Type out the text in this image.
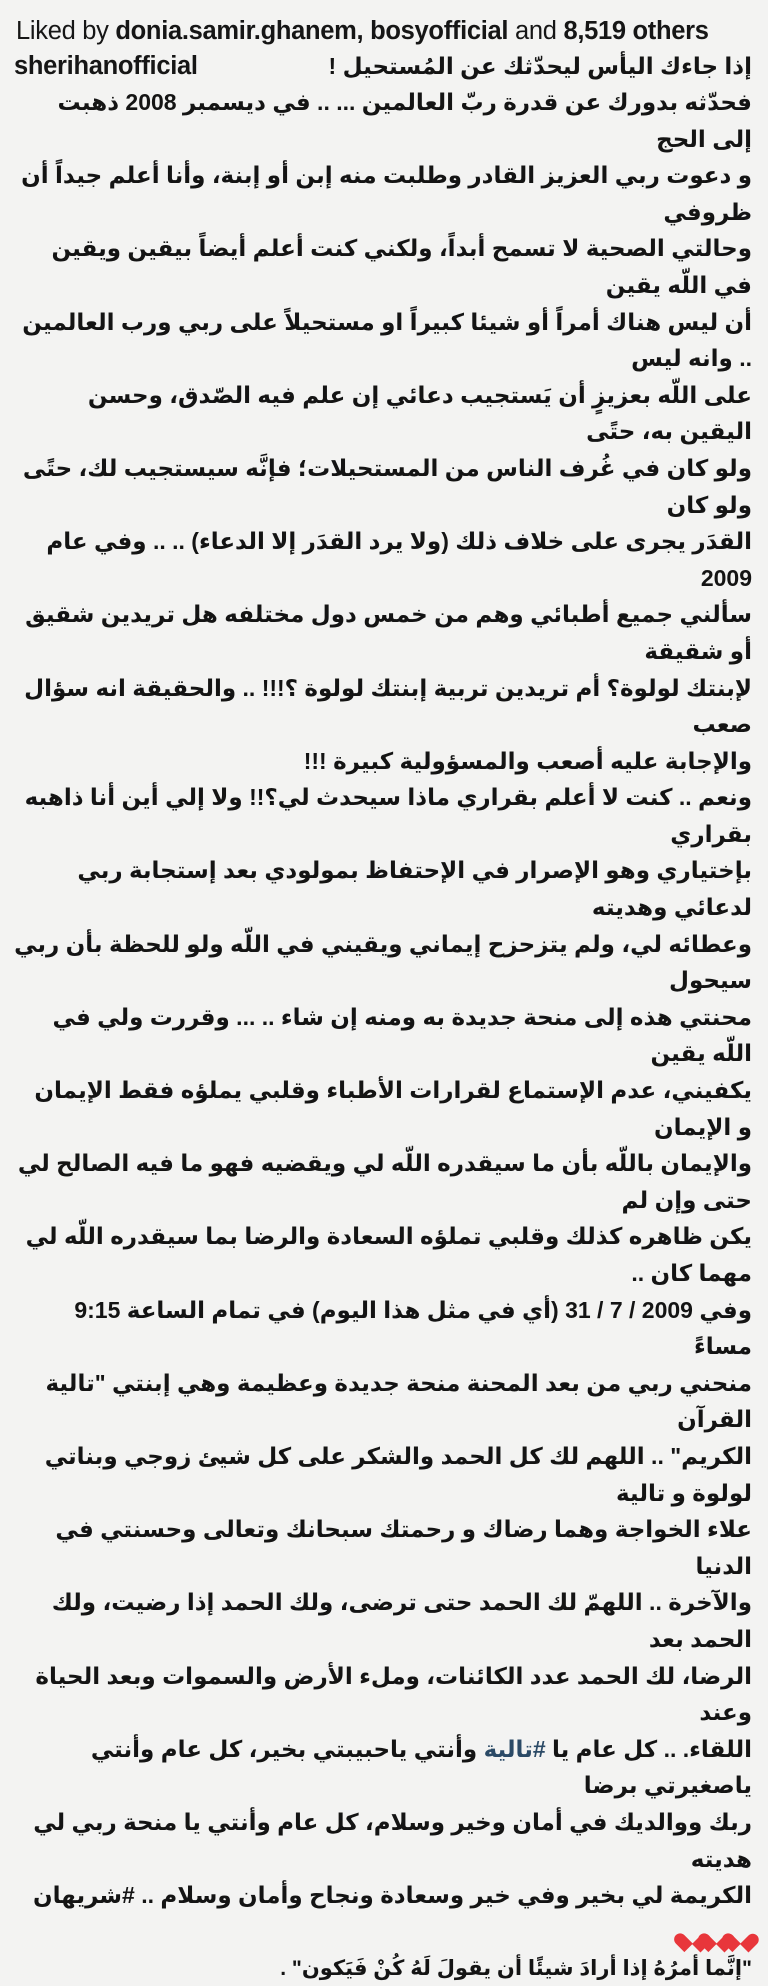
Liked by donia.samir.ghanem, bosyofficial and 8,519 others
sherihanofficial	إذا جاءك اليأس ليحدّثك عن المُستحيل !

فحدّثه بدورك عن قدرة ربّ العالمين ... .. في ديسمبر 2008 ذهبت إلى الحج

و دعوت ربي العزيز القادر وطلبت منه إبن أو إبنة، وأنا أعلم جيداً أن ظروفي

وحالتي الصحية لا تسمح أبداً، ولكني كنت أعلم أيضاً بيقين ويقين في اللّه يقين

أن ليس هناك أمراً أو شيئا كبيراً او مستحيلاً على ربي ورب العالمين .. وانه ليس

على اللّه بعزيزٍ أن يَستجيب دعائي إن علم فيه الصّدق، وحسن اليقين به، حتًى

ولو كان في غُرف الناس من المستحيلات؛ فإنَّه سيستجيب لك، حتًى ولو كان

القدَر يجرى على خلاف ذلك (ولا يرد القدَر إلا الدعاء) .. .. وفي عام 2009

سألني جميع أطبائي وهم من خمس دول مختلفه هل تريدين شقيق أو شقيقة

لإبنتك لولوة؟ أم تريدين تربية إبنتك لولوة ؟!!! .. والحقيقة انه سؤال صعب

والإجابة عليه أصعب والمسؤولية كبيرة !!!

ونعم .. كنت لا أعلم بقراري ماذا سيحدث لي؟!! ولا إلي أين أنا ذاهبه بقراري

بإختياري وهو الإصرار في الإحتفاظ بمولودي بعد إستجابة ربي لدعائي وهديته

وعطائه لي، ولم يتزحزح إيماني ويقيني في اللّه ولو للحظة بأن ربي سيحول

محنتي هذه إلى منحة جديدة به ومنه إن شاء .. ... وقررت ولي في اللّه يقين

يكفيني، عدم الإستماع لقرارات الأطباء وقلبي يملؤه فقط الإيمان و الإيمان

والإيمان باللّه بأن ما سيقدره اللّه لي ويقضيه فهو ما فيه الصالح لي حتى وإن لم

يكن ظاهره كذلك وقلبي تملؤه السعادة والرضا بما سيقدره اللّه لي مهما كان ..

وفي 2009 / 7 / 31 (أي في مثل هذا اليوم) في تمام الساعة 9:15 مساءً

منحني ربي من بعد المحنة منحة جديدة وعظيمة وهي إبنتي "تالية القرآن

الكريم" .. اللهم لك كل الحمد والشكر على كل شيئ زوجي وبناتي لولوة و تالية

علاء الخواجة وهما رضاك و رحمتك سبحانك وتعالى وحسنتي في الدنيا

والآخرة .. اللهمّ لك الحمد حتى ترضى، ولك الحمد إذا رضيت، ولك الحمد بعد

الرضا، لك الحمد عدد الكائنات، وملء الأرض والسموات وبعد الحياة وعند

اللقاء. .. كل عام يا #تالية وأنتي ياحبيبتي بخير، كل عام وأنتي ياصغيرتي برضا

ربك ووالديك في أمان وخير وسلام، كل عام وأنتي يا منحة ربي لي هديته

الكريمة لي بخير وفي خير وسعادة ونجاح وأمان وسلام .. #شريهان

"إنَّما أمرُهُ إذا أرادَ شيئًا أن يقولَ لَهُ كُنْ فَيَكون" .
